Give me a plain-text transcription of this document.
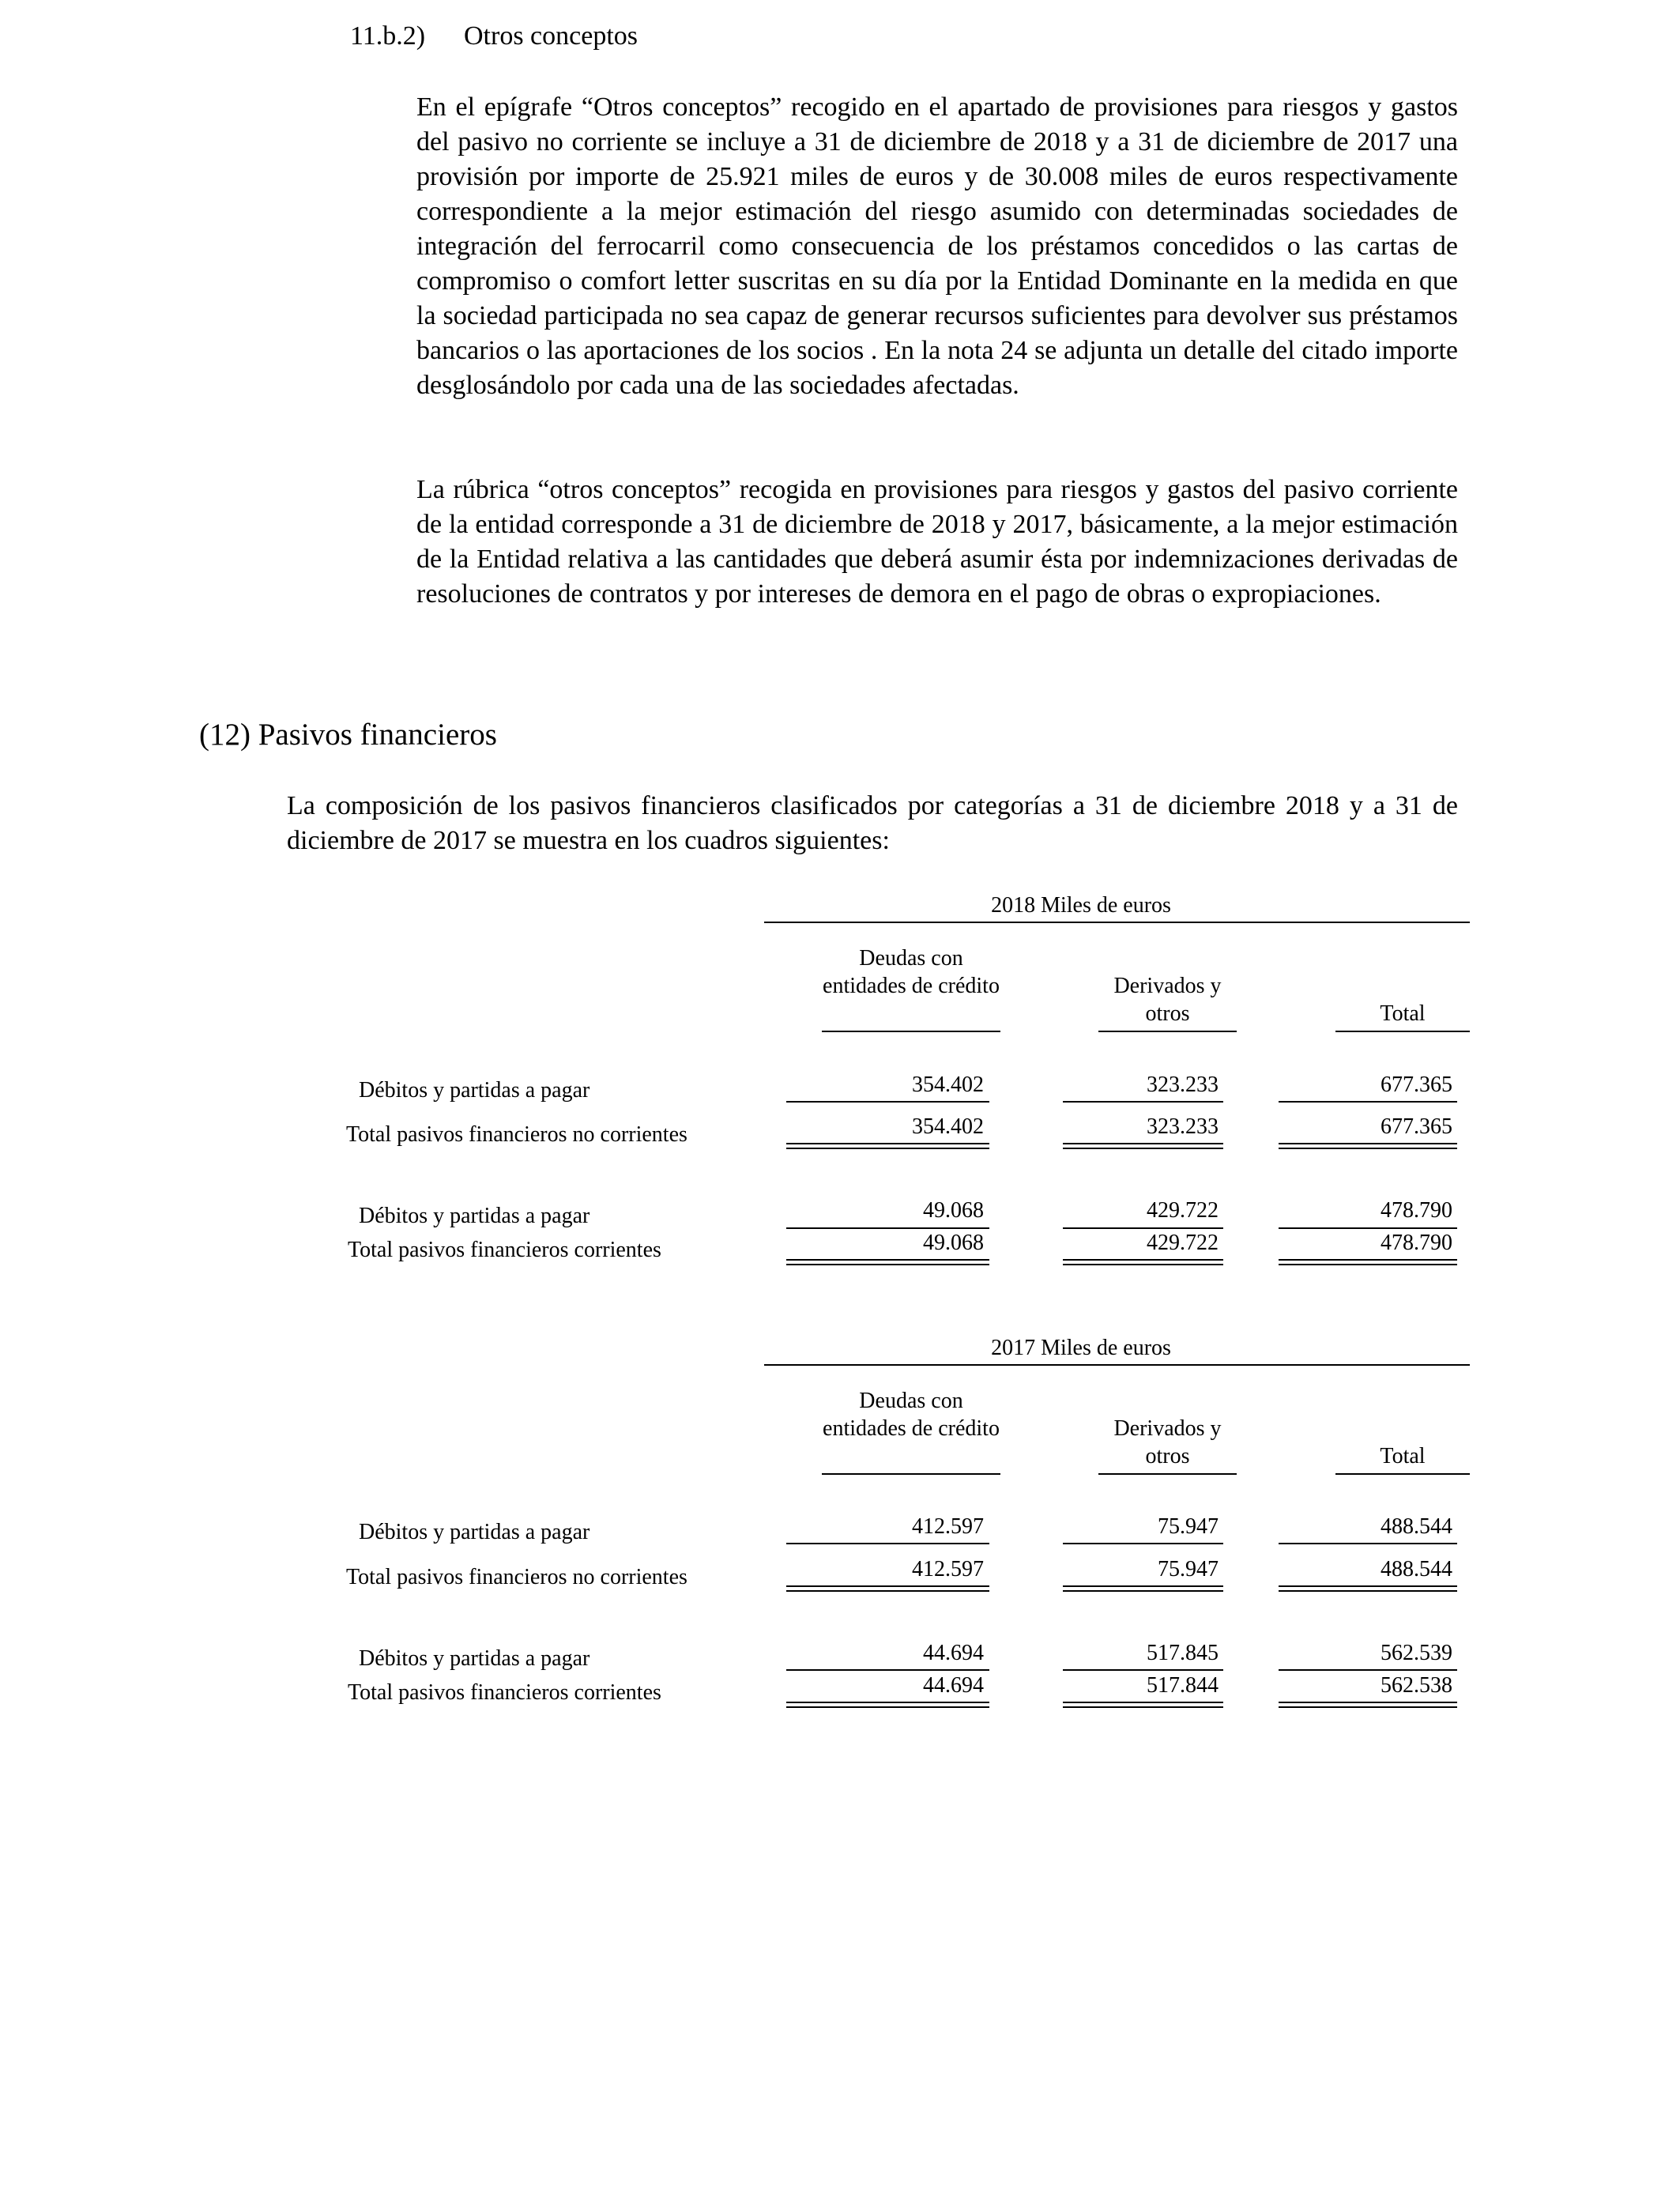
11.b.2) Otros conceptos
En el epígrafe “Otros conceptos” recogido en el apartado de provisiones para riesgos y gastos del pasivo no corriente se incluye a 31 de diciembre de 2018 y a 31 de diciembre de 2017 una provisión por importe de 25.921 miles de euros y de 30.008 miles de euros respectivamente correspondiente a la mejor estimación del riesgo asumido con determinadas sociedades de integración del ferrocarril como consecuencia de los préstamos concedidos o las cartas de compromiso o comfort letter suscritas en su día por la Entidad Dominante en la medida en que la sociedad participada no sea capaz de generar recursos suficientes para devolver sus préstamos bancarios o las aportaciones de los socios . En la nota 24 se adjunta un detalle del citado importe desglosándolo por cada una de las sociedades afectadas.
La rúbrica “otros conceptos” recogida en provisiones para riesgos y gastos del pasivo corriente de la entidad corresponde a 31 de diciembre de 2018 y 2017, básicamente, a la mejor estimación de la Entidad relativa a las cantidades que deberá asumir ésta por indemnizaciones derivadas de resoluciones de contratos y por intereses de demora en el pago de obras o expropiaciones.
(12) Pasivos financieros
La composición de los pasivos financieros clasificados por categorías a 31 de diciembre 2018 y a 31 de diciembre de 2017 se muestra en los cuadros siguientes:
2018 Miles de euros
Deudas con entidades de crédito	Derivados y otros	Total
Débitos y partidas a pagar	354.402	323.233	677.365
Total pasivos financieros no corrientes	354.402	323.233	677.365
Débitos y partidas a pagar	49.068	429.722	478.790
Total pasivos financieros corrientes	49.068	429.722	478.790
2017 Miles de euros
Deudas con entidades de crédito	Derivados y otros	Total
Débitos y partidas a pagar	412.597	75.947	488.544
Total pasivos financieros no corrientes	412.597	75.947	488.544
Débitos y partidas a pagar	44.694	517.845	562.539
Total pasivos financieros corrientes	44.694	517.844	562.538
